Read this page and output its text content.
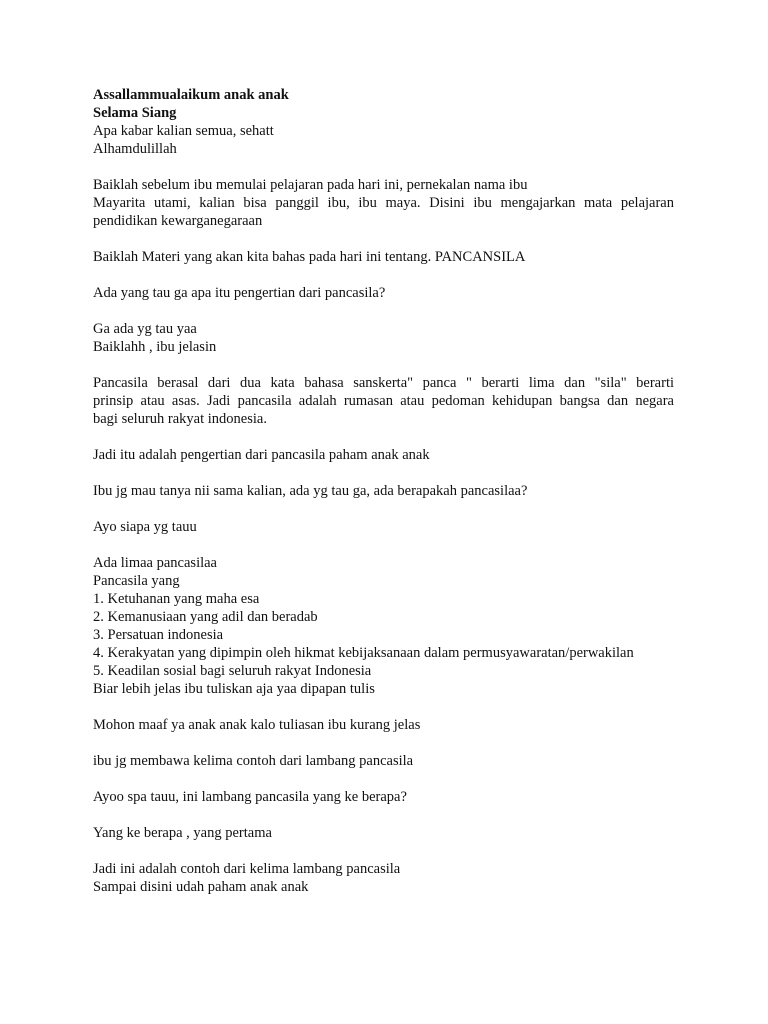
Assallammualaikum anak anak
Selama Siang
Apa kabar kalian semua, sehatt
Alhamdulillah
Baiklah sebelum ibu memulai pelajaran pada hari ini, pernekalan nama ibu
Mayarita utami, kalian bisa panggil ibu, ibu maya. Disini ibu mengajarkan mata pelajaran
pendidikan kewarganegaraan
Baiklah Materi yang akan kita bahas pada hari ini tentang. PANCANSILA
Ada yang tau ga apa itu pengertian dari pancasila?
Ga ada yg tau yaa
Baiklahh , ibu jelasin
Pancasila berasal dari dua kata bahasa sanskerta" panca " berarti lima dan "sila" berarti
prinsip atau asas. Jadi pancasila adalah rumasan atau pedoman kehidupan bangsa dan negara
bagi seluruh rakyat indonesia.
Jadi itu adalah pengertian dari pancasila paham anak anak
Ibu jg mau tanya nii sama kalian, ada yg tau ga, ada berapakah pancasilaa?
Ayo siapa yg tauu
Ada limaa pancasilaa
Pancasila yang
1. Ketuhanan yang maha esa
2. Kemanusiaan yang adil dan beradab
3. Persatuan indonesia
4. Kerakyatan yang dipimpin oleh hikmat kebijaksanaan dalam permusyawaratan/perwakilan
5. Keadilan sosial bagi seluruh rakyat Indonesia
Biar lebih jelas ibu tuliskan aja yaa dipapan tulis
Mohon maaf ya anak anak kalo tuliasan ibu kurang jelas
ibu jg membawa kelima contoh dari lambang pancasila
Ayoo spa tauu, ini lambang pancasila yang ke berapa?
Yang ke berapa , yang pertama
Jadi ini adalah contoh dari kelima lambang pancasila
Sampai disini udah paham anak anak
